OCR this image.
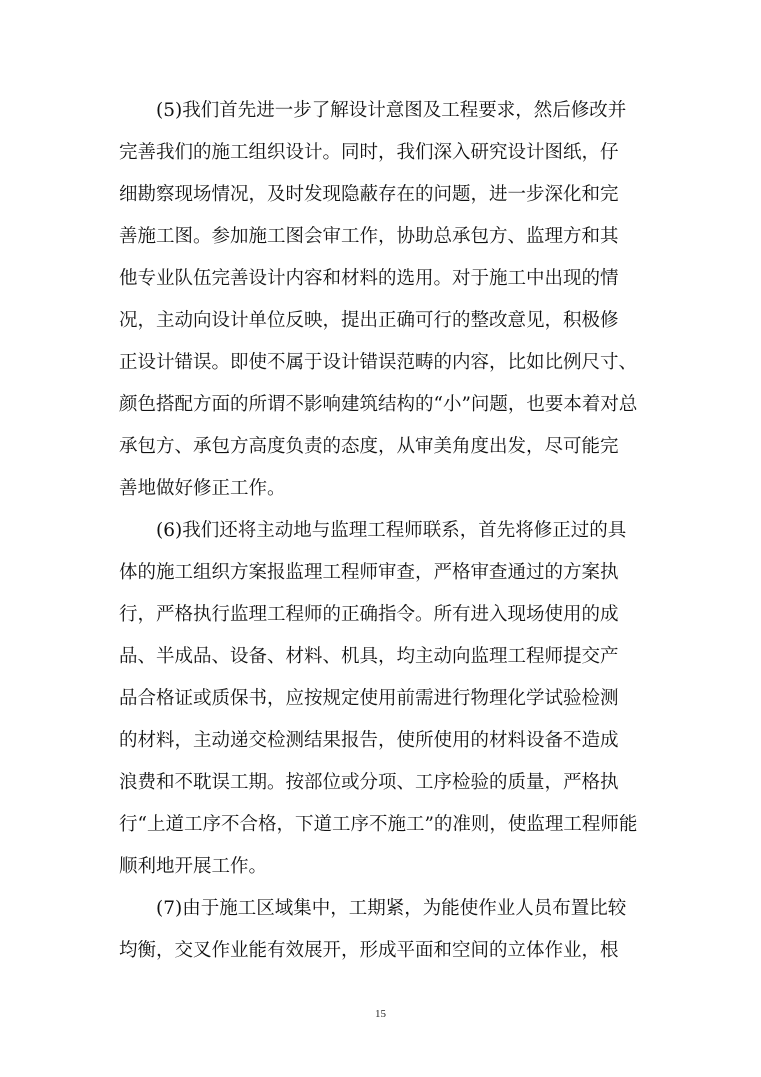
(5)我们首先进一步了解设计意图及工程要求，然后修改并
完善我们的施工组织设计。同时，我们深入研究设计图纸，仔
细勘察现场情况，及时发现隐蔽存在的问题，进一步深化和完
善施工图。参加施工图会审工作，协助总承包方、监理方和其
他专业队伍完善设计内容和材料的选用。对于施工中出现的情
况，主动向设计单位反映，提出正确可行的整改意见，积极修
正设计错误。即使不属于设计错误范畴的内容，比如比例尺寸、
颜色搭配方面的所谓不影响建筑结构的“小”问题，也要本着对总
承包方、承包方高度负责的态度，从审美角度出发，尽可能完
善地做好修正工作。
(6)我们还将主动地与监理工程师联系，首先将修正过的具
体的施工组织方案报监理工程师审查，严格审查通过的方案执
行，严格执行监理工程师的正确指令。所有进入现场使用的成
品、半成品、设备、材料、机具，均主动向监理工程师提交产
品合格证或质保书，应按规定使用前需进行物理化学试验检测
的材料，主动递交检测结果报告，使所使用的材料设备不造成
浪费和不耽误工期。按部位或分项、工序检验的质量，严格执
行“上道工序不合格，下道工序不施工”的准则，使监理工程师能
顺利地开展工作。
(7)由于施工区域集中，工期紧，为能使作业人员布置比较
均衡，交叉作业能有效展开，形成平面和空间的立体作业，根
15
